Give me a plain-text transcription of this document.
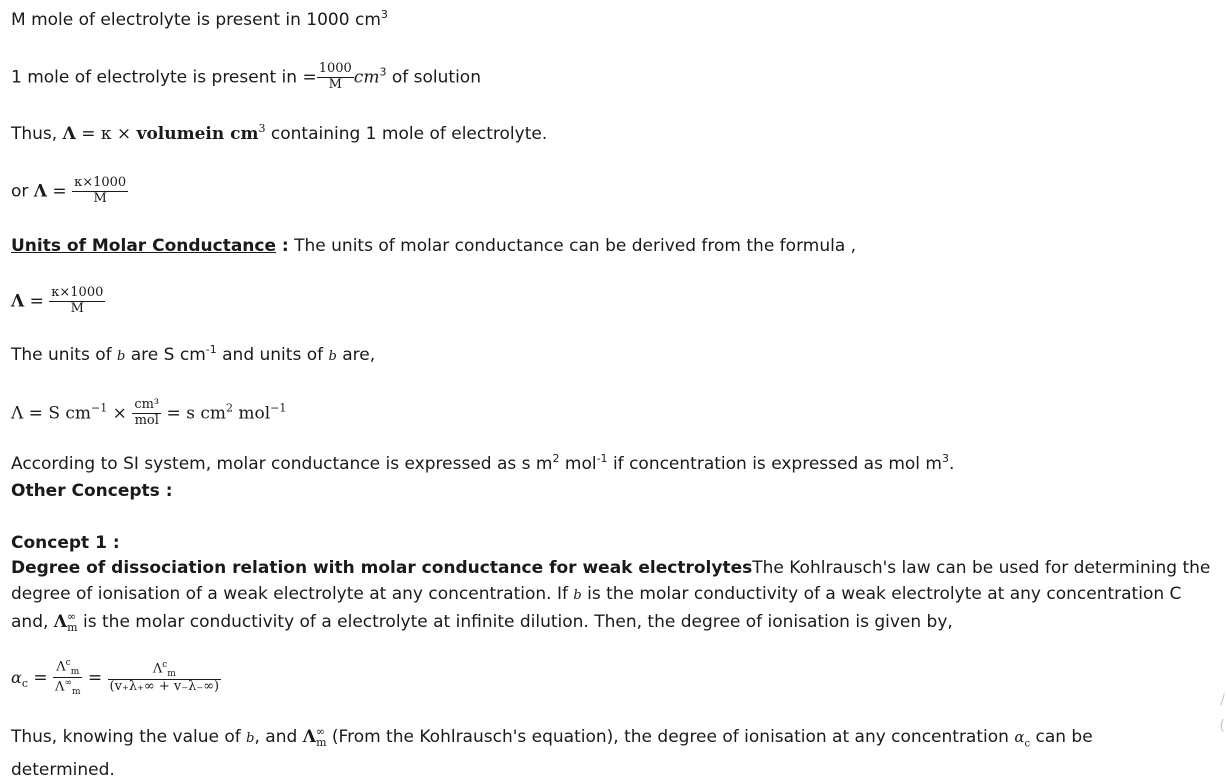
M mole of electrolyte is present in 1000 $cm^3$
1 mole of electrolyte is present in = $\frac{1000}{M} cm^3$ of solution
Thus, Λ = κ × volumein $cm^3$ containing 1 mole of electrolyte.
or $\Lambda = \frac{\kappa\times 1000}{M}$
Units of Molar Conductance : The units of molar conductance can be derived from the formula ,
$\Lambda = \frac{\kappa\times 1000}{M}$
The units of b are S $cm^{-1}$ and units of b are,
Λ = S $cm^{-1} \times cm^3$
mol = s $cm^2$ mol$^{-1}$
According to SI system, molar conductance is expressed as s $m^2$ mol$^{-1}$ if concentration is expressed as mol $m^3$.
Other Concepts :
Concept 1 :
Degree of dissociation relation with molar conductance for weak electrolytesThe Kohlrausch's law can be used for determining the degree of ionisation of a weak electrolyte at any concentration. If b is the molar conductivity of a weak electrolyte at any concentration C and, $\Lambda^\infty_m$ is the molar conductivity of a electrolyte at infinite dilution. Then, the degree of ionisation is given by,
$\alpha_c$ =
$\Lambda^c_m$
$\Lambda^\infty_m$
=	$\Lambda^c_m$
(v₊λ₊∞ + v₋λ₋∞)
Thus, knowing the value of b, and $\Lambda^\infty_m$ (From the Kohlrausch's equation), the degree of ionisation at any concentration $\alpha_c$ can be
determined.
/
(
